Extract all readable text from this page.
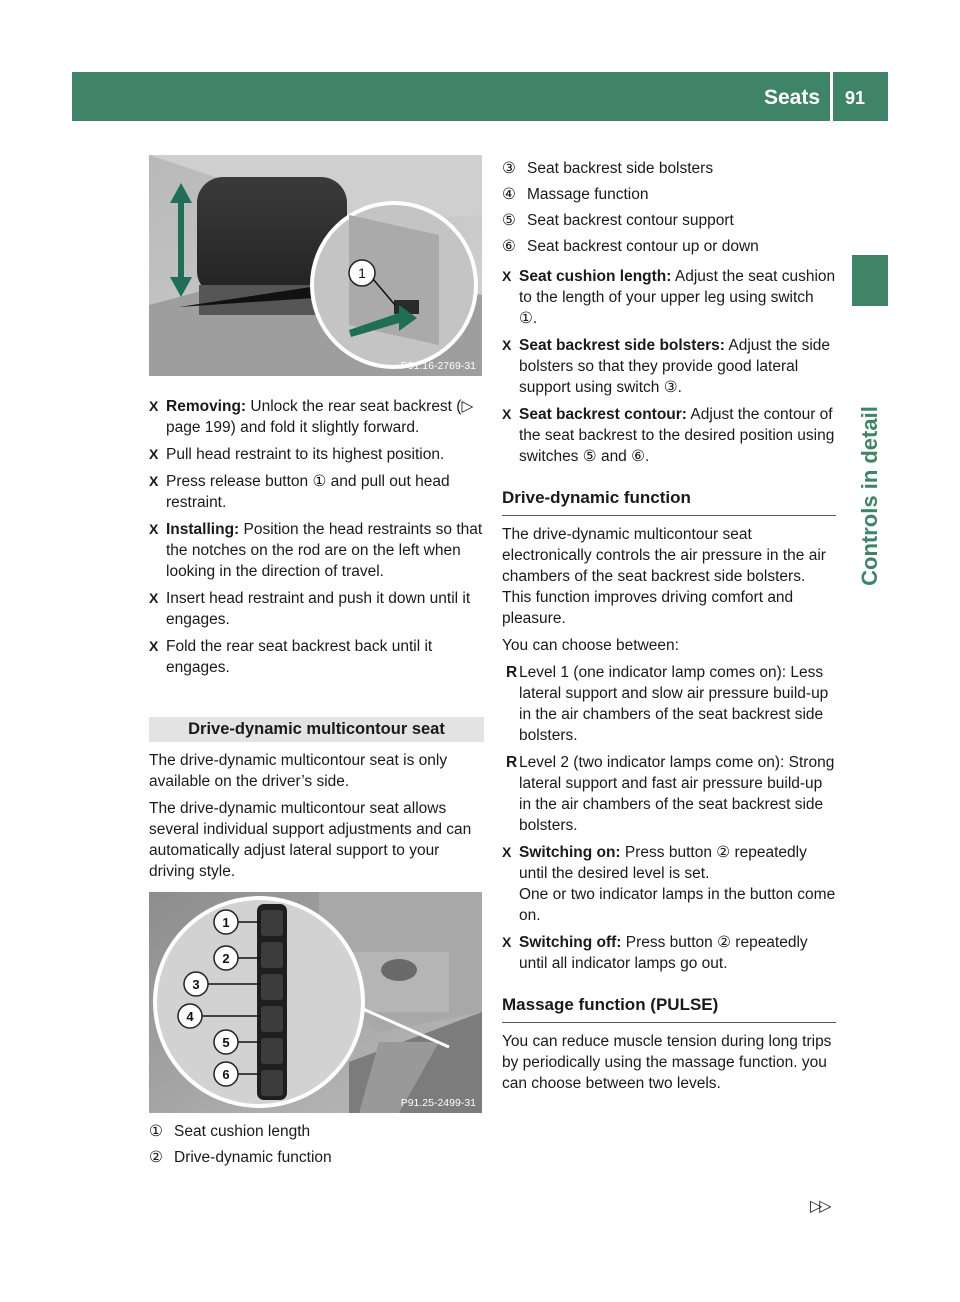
Seats 91
Controls in detail
1
P91.16-2769-31
X Removing: Unlock the rear seat backrest (▷ page 199) and fold it slightly forward.
X Pull head restraint to its highest position.
X Press release button ① and pull out head restraint.
X Installing: Position the head restraints so that the notches on the rod are on the left when looking in the direction of travel.
X Insert head restraint and push it down until it engages.
X Fold the rear seat backrest back until it engages.
Drive-dynamic multicontour seat
The drive-dynamic multicontour seat is only available on the driver’s side.
The drive-dynamic multicontour seat allows several individual support adjustments and can automatically adjust lateral support to your driving style.
1
2
3
4
5
6
P91.25-2499-31
① Seat cushion length
② Drive-dynamic function
③ Seat backrest side bolsters
④ Massage function
⑤ Seat backrest contour support
⑥ Seat backrest contour up or down
X Seat cushion length: Adjust the seat cushion to the length of your upper leg using switch ①.
X Seat backrest side bolsters: Adjust the side bolsters so that they provide good lateral support using switch ③.
X Seat backrest contour: Adjust the contour of the seat backrest to the desired position using switches ⑤ and ⑥.
Drive-dynamic function
The drive-dynamic multicontour seat electronically controls the air pressure in the air chambers of the seat backrest side bolsters. This function improves driving comfort and pleasure.
You can choose between:
R Level 1 (one indicator lamp comes on): Less lateral support and slow air pressure build-up in the air chambers of the seat backrest side bolsters.
R Level 2 (two indicator lamps come on): Strong lateral support and fast air pressure build-up in the air chambers of the seat backrest side bolsters.
X Switching on: Press button ② repeatedly until the desired level is set.
One or two indicator lamps in the button come on.
X Switching off: Press button ② repeatedly until all indicator lamps go out.
Massage function (PULSE)
You can reduce muscle tension during long trips by periodically using the massage function. you can choose between two levels.
▷▷
